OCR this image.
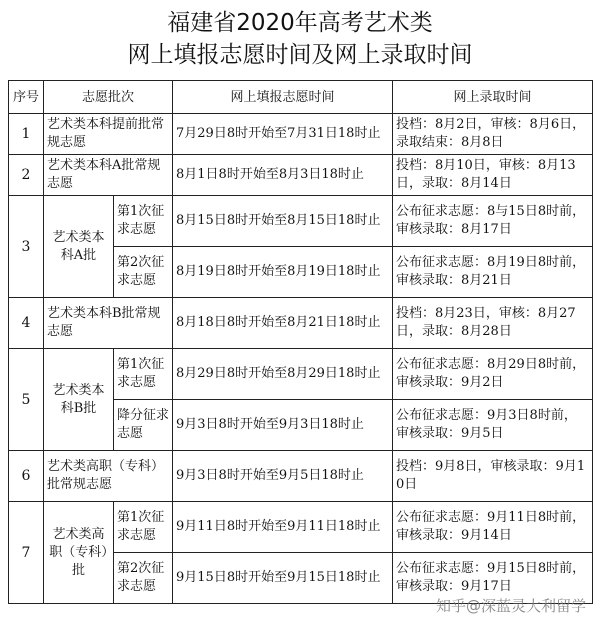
福建省2020年高考艺术类
网上填报志愿时间及网上录取时间
序号	志愿批次		网上填报志愿时间	网上录取时间
1	艺术类本科提前批常规志愿		7月29日8时开始至7月31日18时止	投档：8月2日，审核：8月6日，录取结束：8月8日
2	艺术类本科A批常规志愿		8月1日8时开始至8月3日18时止	投档：8月10日，审核：8月13日，录取：8月14日
3	艺术类本科A批	第1次征求志愿	8月15日8时开始至8月15日18时止	公布征求志愿：8与15日8时前，审核录取：8月17日
		第2次征求志愿	8月19日8时开始至8月19日18时止	公布征求志愿：8月19日8时前，审核录取：8月21日
4	艺术类本科B批常规志愿		8月18日8时开始至8月21日18时止	投档：8月23日，审核：8月27日，录取：8月28日
5	艺术类本科B批	第1次征求志愿	8月29日8时开始至8月29日18时止	公布征求志愿：8月29日8时前，审核录取：9月2日
		降分征求志愿	9月3日8时开始至9月3日18时止	公布征求志愿：9月3日8时前，审核录取：9月5日
6	艺术类高职（专科）批常规志愿		9月3日8时开始至9月5日18时止	投档：9月8日，审核录取：9月10日
7	艺术类高职（专科）批	第1次征求志愿	9月11日8时开始至9月11日18时止	公布征求志愿：9月11日8时前，审核录取：9月14日
		第2次征求志愿	9月15日8时开始至9月15日18时止	公布征求志愿：9月15日8时前，审核录取：9月17日
知乎@深蓝灵大利留学
